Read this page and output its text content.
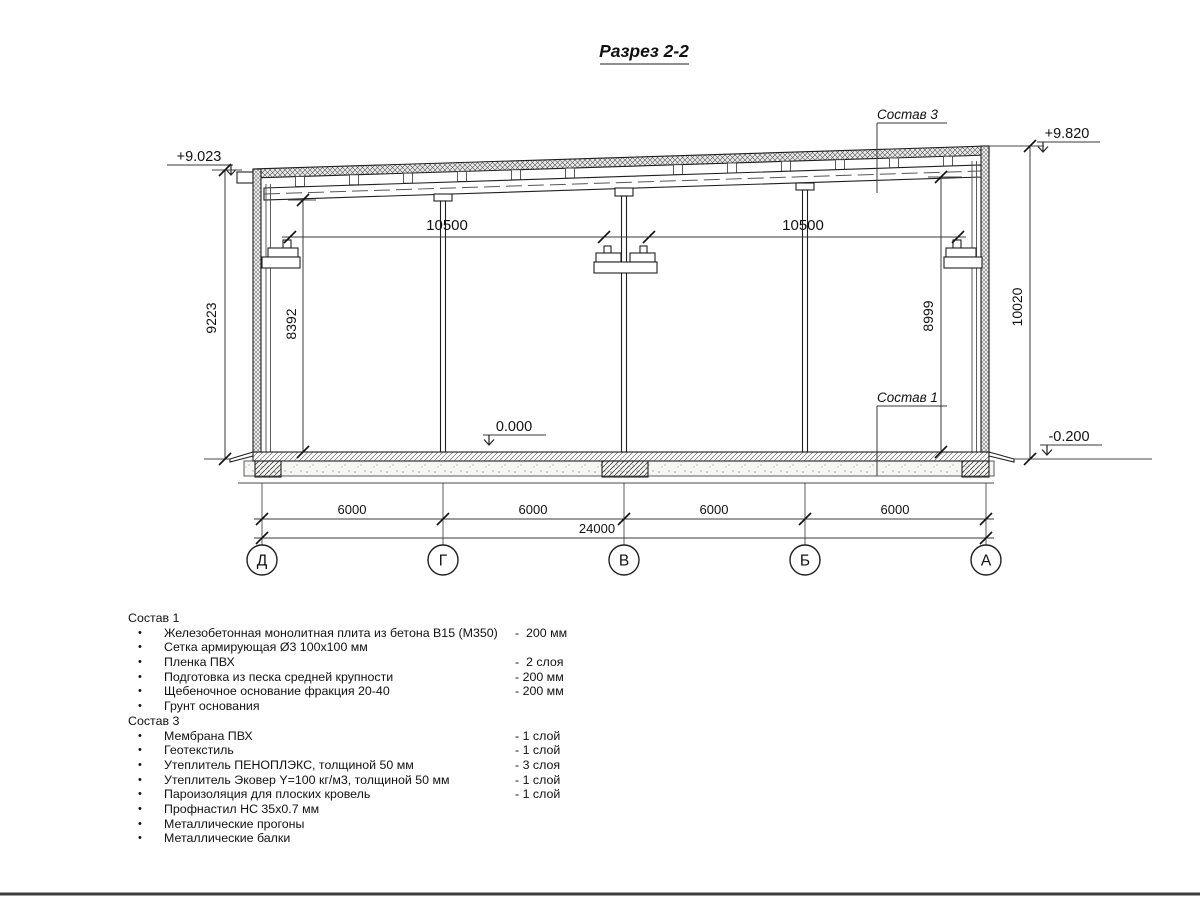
Разрез 2-2
Состав 3
Состав 1
+9.023
+9.820
0.000
-0.200
10500	10500
9223	8392	8999	10020
6000	6000	6000	6000
24000
Д	Г	В	Б	А
Состав 1
• Железобетонная монолитная плита из бетона В15 (М350) -  200 мм
• Сетка армирующая Ø3 100х100 мм
• Пленка ПВХ	-  2 слоя
• Подготовка из песка средней крупности	- 200 мм
• Щебеночное основание фракция 20-40	- 200 мм
• Грунт основания
Состав 3
• Мембрана ПВХ	- 1 слой
• Геотекстиль	- 1 слой
• Утеплитель ПЕНОПЛЭКС, толщиной 50 мм	- 3 слоя
• Утеплитель Эковер Y=100 кг/м3, толщиной 50 мм	- 1 слой
• Пароизоляция для плоских кровель	- 1 слой
• Профнастил НС 35х0.7 мм
• Металлические прогоны
• Металлические балки
